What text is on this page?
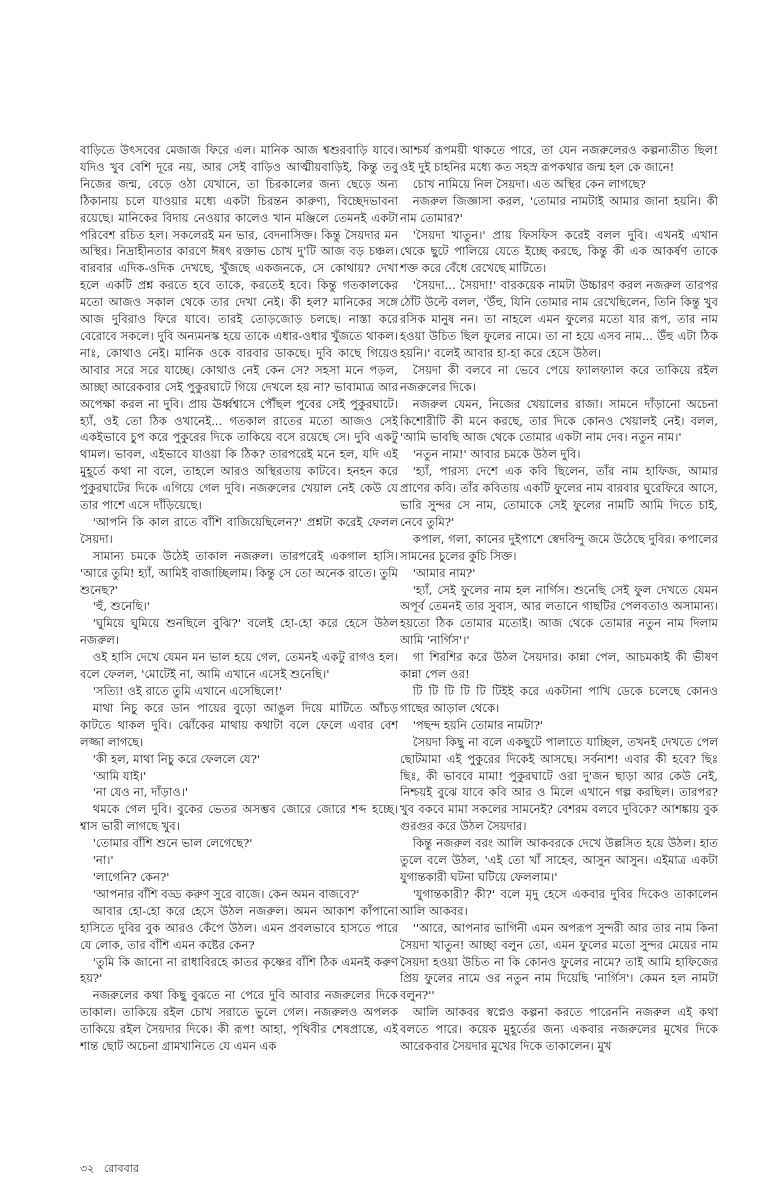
বাড়িতে উৎসবের মেজাজ ফিরে এল। মানিক আজ শ্বশুরবাড়ি যাবে। যদিও খুব বেশি দূরে নয়, আর সেই বাড়িও আত্মীয়বাড়িই, কিন্তু তবু নিজের জন্ম, বেড়ে ওঠা যেখানে, তা চিরকালের জন্য ছেড়ে অন্য ঠিকানায় চলে যাওয়ার মধ্যে একটা চিরন্তন কারুণ্য, বিচ্ছেদভাবনা রয়েছে। মানিকের বিদায় নেওয়ার কালেও খান মঞ্জিলে তেমনই একটা পরিবেশ রচিত হল। সকলেরই মন ভার, বেদনাসিক্ত। কিন্তু সৈয়দার মন অস্থির। নিদ্রাহীনতার কারণে ঈষৎ রক্তাভ চোখ দু'টি আজ বড় চঞ্চল। বারবার এদিক-ওদিক দেখছে, খুঁজছে একজনকে, সে কোথায়? দেখা হলে একটি প্রশ্ন করতে হবে তাকে, করতেই হবে। কিন্তু গতকালকের মতো আজও সকাল থেকে তার দেখা নেই। কী হল? মানিকের সঙ্গে আজ দুবিরাও ফিরে যাবে। তারই তোড়জোড় চলছে। নাস্তা করে বেরোবে সকলে। দুবি অন্যমনস্ক হয়ে তাকে এধার-ওধার খুঁজতে থাকল। নাঃ, কোথাও নেই। মানিক ওকে বারবার ডাকছে। দুবি কাছে গিয়েও আবার সরে সরে যাচ্ছে। কোথাও নেই কেন সে? সহসা মনে পড়ল, আচ্ছা আরেকবার সেই পুকুরঘাটে গিয়ে দেখলে হয় না? ভাবামাত্র আর অপেক্ষা করল না দুবি। প্রায় ঊর্ধ্বশ্বাসে পৌঁছল পুবের সেই পুকুরঘাটে। হ্যাঁ, ওই তো ঠিক ওখানেই... গতকাল রাতের মতো আজও সেই একইভাবে চুপ করে পুকুরের দিকে তাকিয়ে বসে রয়েছে সে। দুবি একটু থামল। ভাবল, এইভাবে যাওয়া কি ঠিক? তারপরেই মনে হল, যদি এই মুহূর্তে কথা না বলে, তাহলে আরও অস্থিরতায় কাটবে। হনহন করে পুকুরঘাটের দিকে এগিয়ে গেল দুবি। নজরুলের খেয়াল নেই কেউ যে তার পাশে এসে দাঁড়িয়েছে।

'আপনি কি কাল রাতে বাঁশি বাজিয়েছিলেন?' প্রশ্নটা করেই ফেলল সৈয়দা।

সামান্য চমকে উঠেই তাকাল নজরুল। তারপরেই একগাল হাসি। 'আরে তুমি! হ্যাঁ, আমিই বাজাচ্ছিলাম। কিন্তু সে তো অনেক রাতে। তুমি শুনেছ?'

'হুঁ, শুনেছি।'

'ঘুমিয়ে ঘুমিয়ে শুনছিলে বুঝি?' বলেই হো-হো করে হেসে উঠল নজরুল।

ওই হাসি দেখে যেমন মন ভাল হয়ে গেল, তেমনই একটু রাগও হল। বলে ফেলল, 'মোটেই না, আমি এখানে এসেই শুনেছি।'

'সত্যি! ওই রাতে তুমি এখানে এসেছিলে!'

মাথা নিচু করে ডান পায়ের বুড়ো আঙুল দিয়ে মাটিতে আঁচড় কাটতে থাকল দুবি। ঝোঁকের মাথায় কথাটা বলে ফেলে এবার বেশ লজ্জা লাগছে।

'কী হল, মাথা নিচু করে ফেললে যে?'

'আমি যাই।'

'না যেও না, দাঁড়াও।'

থমকে গেল দুবি। বুকের ভেতর অসম্ভব জোরে জোরে শব্দ হচ্ছে। শ্বাস ভারী লাগছে খুব।

'তোমার বাঁশি শুনে ভাল লেগেছে?'

'না।'

'লাগেনি? কেন?'

'আপনার বাঁশি বড্ড করুণ সুরে বাজে। কেন অমন বাজবে?'

আবার হো-হো করে হেসে উঠল নজরুল। অমন আকাশ কাঁপানো হাসিতে দুবির বুক আরও কেঁপে উঠল। এমন প্রবলভাবে হাসতে পারে যে লোক, তার বাঁশি এমন কষ্টের কেন?

'তুমি কি জানো না রাধাবিরহে কাতর কৃষ্ণের বাঁশি ঠিক এমনই করুণ হয়?'

নজরুলের কথা কিছু বুঝতে না পেরে দুবি আবার নজরুলের দিকে তাকাল। তাকিয়ে রইল চোখ সরাতে ভুলে গেল। নজরুলও অপলক তাকিয়ে রইল সৈয়দার দিকে। কী রূপ! আহা, পৃথিবীর শেষপ্রান্তে, এই শান্ত ছোট অচেনা গ্রামখানিতে যে এমন এক

আশ্চর্য রূপময়ী থাকতে পারে, তা যেন নজরুলেরও কল্পনাতীত ছিল! ওই দুই চাহনির মধ্যে কত সহস্র রূপকথার জন্ম হল কে জানে!

চোখ নামিয়ে নিল সৈয়দা। এত অস্থির কেন লাগছে?

নজরুল জিজ্ঞাসা করল, 'তোমার নামটাই আমার জানা হয়নি। কী নাম তোমার?'

'সৈয়দা খাতুন।' প্রায় ফিসফিস করেই বলল দুবি। এখনই এখান থেকে ছুটে পালিয়ে যেতে ইচ্ছে করছে, কিন্তু কী এক আকর্ষণ তাকে শক্ত করে বেঁধে রেখেছে মাটিতে।

'সৈয়দা... সৈয়দা!' বারকয়েক নামটা উচ্চারণ করল নজরুল তারপর ঠোঁট উল্টে বলল, 'উঁহু, যিনি তোমার নাম রেখেছিলেন, তিনি কিন্তু খুব রসিক মানুষ নন। তা নাহলে এমন ফুলের মতো যার রূপ, তার নাম হওয়া উচিত ছিল ফুলের নামে। তা না হয়ে এসব নাম... উঁহু এটা ঠিক হয়নি।' বলেই আবার হা-হা করে হেসে উঠল।

সৈয়দা কী বলবে না ভেবে পেয়ে ফ্যালফ্যাল করে তাকিয়ে রইল নজরুলের দিকে।

নজরুল যেমন, নিজের খেয়ালের রাজা। সামনে দাঁড়ানো অচেনা কিশোরীটি কী মনে করছে, তার দিকে কোনও খেয়ালই নেই। বলল, 'আমি ভাবছি আজ থেকে তোমার একটা নাম দেব। নতুন নাম।'

'নতুন নাম!' আবার চমকে উঠল দুবি।

'হ্যাঁ, পারস্য দেশে এক কবি ছিলেন, তাঁর নাম হাফিজ, আমার প্রাণের কবি। তাঁর কবিতায় একটি ফুলের নাম বারবার ঘুরেফিরে আসে, ভারি সুন্দর সে নাম, তোমাকে সেই ফুলের নামটি আমি দিতে চাই, নেবে তুমি?'

কপাল, গলা, কানের দুইপাশে স্বেদবিন্দু জমে উঠেছে দুবির। কপালের সামনের চুলের কুচি সিক্ত।

'আমার নাম?'

'হ্যাঁ, সেই ফুলের নাম হল নার্গিস। শুনেছি সেই ফুল দেখতে যেমন অপূর্ব তেমনই তার সুবাস, আর লতানে গাছটির পেলবতাও অসামান্য। হয়তো ঠিক তোমার মতোই। আজ থেকে তোমার নতুন নাম দিলাম আমি 'নার্গিস'।'

গা শিরশির করে উঠল সৈয়দার। কান্না পেল, আচমকাই কী ভীষণ কান্না পেল ওর!

টি টি টি টি টি টিইই করে একটানা পাখি ডেকে চলেছে কোনও গাছের আড়াল থেকে।

'পছন্দ হয়নি তোমার নামটা?'

সৈয়দা কিছু না বলে একছুটে পালাতে যাচ্ছিল, তখনই দেখতে পেল ছোটমামা এই পুকুরের দিকেই আসছে। সর্বনাশ! এবার কী হবে? ছিঃ ছিঃ, কী ভাববে মামা! পুকুরঘাটে ওরা দু'জন ছাড়া আর কেউ নেই, নিশ্চয়ই বুঝে যাবে কবি আর ও মিলে এখানে গল্প করছিল। তারপর? খুব বকবে মামা সকলের সামনেই? বেশরম বলবে দুবিকে? আশঙ্কায় বুক গুরগুর করে উঠল সৈয়দার।

কিন্তু নজরুল বরং আলি আকবরকে দেখে উল্লসিত হয়ে উঠল। হাত তুলে বলে উঠল, 'এই তো খাঁ সাহেব, আসুন আসুন। এইমাত্র একটা যুগান্তকারী ঘটনা ঘটিয়ে ফেললাম।'

'যুগান্তকারী? কী?' বলে মৃদু হেসে একবার দুবির দিকেও তাকালেন আলি আকবর।

''আরে, আপনার ভাগিনী এমন অপরূপ সুন্দরী আর তার নাম কিনা সৈয়দা খাতুন! আচ্ছা বলুন তো, এমন ফুলের মতো সুন্দর মেয়ের নাম সৈয়দা হওয়া উচিত না কি কোনও ফুলের নামে? তাই আমি হাফিজের প্রিয় ফুলের নামে ওর নতুন নাম দিয়েছি 'নার্গিস'। কেমন হল নামটা বলুন?''

আলি আকবর স্বপ্নেও কল্পনা করতে পারেননি নজরুল এই কথা বলতে পারে। কয়েক মুহূর্তের জন্য একবার নজরুলের মুখের দিকে আরেকবার সৈয়দার মুখের দিকে তাকালেন। মুখ

৩২ রোববার
